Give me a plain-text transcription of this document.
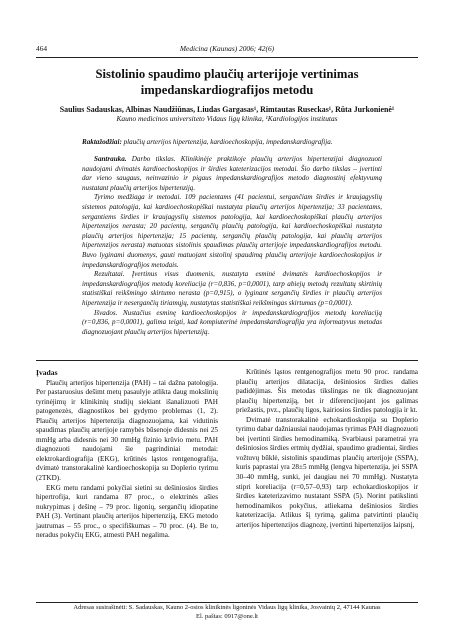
464	Medicina (Kaunas) 2006; 42(6)
Sistolinio spaudimo plaučių arterijoje vertinimas impedanskardiografijos metodu
Saulius Sadauskas, Albinas Naudžiūnas, Liudas Gargasas¹, Rimtautas Ruseckas¹, Rūta Jurkonienė¹
Kauno medicinos universiteto Vidaus ligų klinika, ¹Kardiologijos institutas
Raktažodžiai: plaučių arterijos hipertenzija, kardioechoskopija, impedanskardiografija.

Santrauka. Darbo tikslas. Klinikinėje praktikoje plaučių arterijos hipertenzijai diagnozuoti naudojami dvimatės kardioechoskopijos ir širdies kateterizacijos metodai. Šio darbo tikslas – įvertinti dar vieno saugaus, neinvazinio ir pigaus impedanskardiografijos metodo diagnostinį efektyvumą nustatant plaučių arterijos hipertenziją.

Tyrimo medžiaga ir metodai. 109 pacientams (41 pacientui, sergančiam širdies ir kraujagyslių sistemos patologija, kai kardioechoskopiškai nustatyta plaučių arterijos hipertenzija; 33 pacientams, sergantiems širdies ir kraujagyslių sistemos patologija, kai kardioechoskopiškai plaučių arterijos hipertenzijos nerasta; 20 pacientų, sergančių plaučių patologija, kai kardioechoskopiškai nustatyta plaučių arterijos hipertenzija; 15 pacientų, sergančių plaučių patologija, kai plaučių arterijos hipertenzijos nerasta) matuotas sistolinis spaudimas plaučių arterijoje impedanskardiografijos metodu. Buvo lyginami duomenys, gauti matuojant sistolinį spaudimą plaučių arterijoje kardioechoskopijos ir impedanskardiografijos metodais.

Rezultatai. Įvertinus visus duomenis, nustatyta esminė dvimatės kardioechoskopijos ir impedanskardiografijos metodų koreliacija (r=0,836, p=0,0001), tarp abiejų metodų rezultatų skirtinių statistiškai reikšmingo skirtumo nerasta (p=0,915), o lyginant sergančių širdies ir plaučių arterijos hipertenzija ir nesergančių tiriamųjų, nustatytas statistiškai reikšmingas skirtumas (p=0,0001).

Išvados. Nustačius esminę kardioechoskopijos ir impedanskardiografijos metodų koreliaciją (r=0,836, p=0,0001), galima teigti, kad kompiuterinė impedanskardiografija yra informatyvus metodas diagnozuojant plaučių arterijos hipertenziją.

Įvadas

Plaučių arterijos hipertenzija (PAH) – tai dažna patologija. Per pastaruosius dešimt metų pasaulyje atlikta daug mokslinių tyrinėjimų ir klinikinių studijų siekiant išanalizuoti PAH patogenezės, diagnostikos bei gydymo problemas (1, 2). Plaučių arterijos hipertenzija diagnozuojama, kai vidutinis spaudimas plaučių arterijoje ramybės būsenoje didesnis nei 25 mmHg arba didesnis nei 30 mmHg fizinio krūvio metu. PAH diagnozuoti naudojami šie pagrindiniai metodai: elektrokardiografija (EKG), krūtinės ląstos rentgenografija, dvimatė transtorakalinė kardioechoskopija su Doplerio tyrimu (2TKD).

EKG metu randami pokyčiai sietini su dešiniosios širdies hipertrofija, kuri randama 87 proc., o elektrinės ašies nukrypimas į dešinę – 79 proc. ligonių, sergančių idiopatine PAH (3). Vertinant plaučių arterijos hipertenziją, EKG metodo jautrumas – 55 proc., o specifiškumas – 70 proc. (4). Be to, neradus pokyčių EKG, atmesti PAH negalima.

Krūtinės ląstos rentgenografijos metu 90 proc. randama plaučių arterijos dilatacija, dešiniosios širdies dalies padidėjimas. Šis metodas tikslingas ne tik diagnozuojant plaučių hipertenziją, bet ir diferencijuojant jos galimas priežastis, pvz., plaučių ligos, kairiosios širdies patologija ir kt.

Dvimatė transtorakalinė echokardioskopija su Doplerio tyrimu dabar dažniausiai naudojamas tyrimas PAH diagnozuoti bei įvertinti širdies hemodinamiką. Svarbiausi parametrai yra dešiniosios širdies ertmių dydžiai, spaudimo gradientai, širdies vožtuvų būklė, sistolinis spaudimas plaučių arterijoje (SSPA), kuris paprastai yra 28±5 mmHg (lengva hipertenzija, jei SSPA 30–40 mmHg, sunki, jei daugiau nei 70 mmHg). Nustatyta stipri koreliacija (r=0,57–0,93) tarp echokardioskopijos ir širdies kateterizavimo nustatant SSPA (5). Norint patikslinti hemodinamikos pokyčius, atliekama dešiniosios širdies kateterizacija. Atlikus šį tyrimą, galima patvirtinti plaučių arterijos hipertenzijos diagnozę, įvertinti hipertenzijos laipsnį,

Adresas susirašinėti: S. Sadauskas, Kauno 2-osios klinikinės ligoninės Vidaus ligų klinika, Josvainių 2, 47144 Kaunas
El. paštas: 0917@one.lt
